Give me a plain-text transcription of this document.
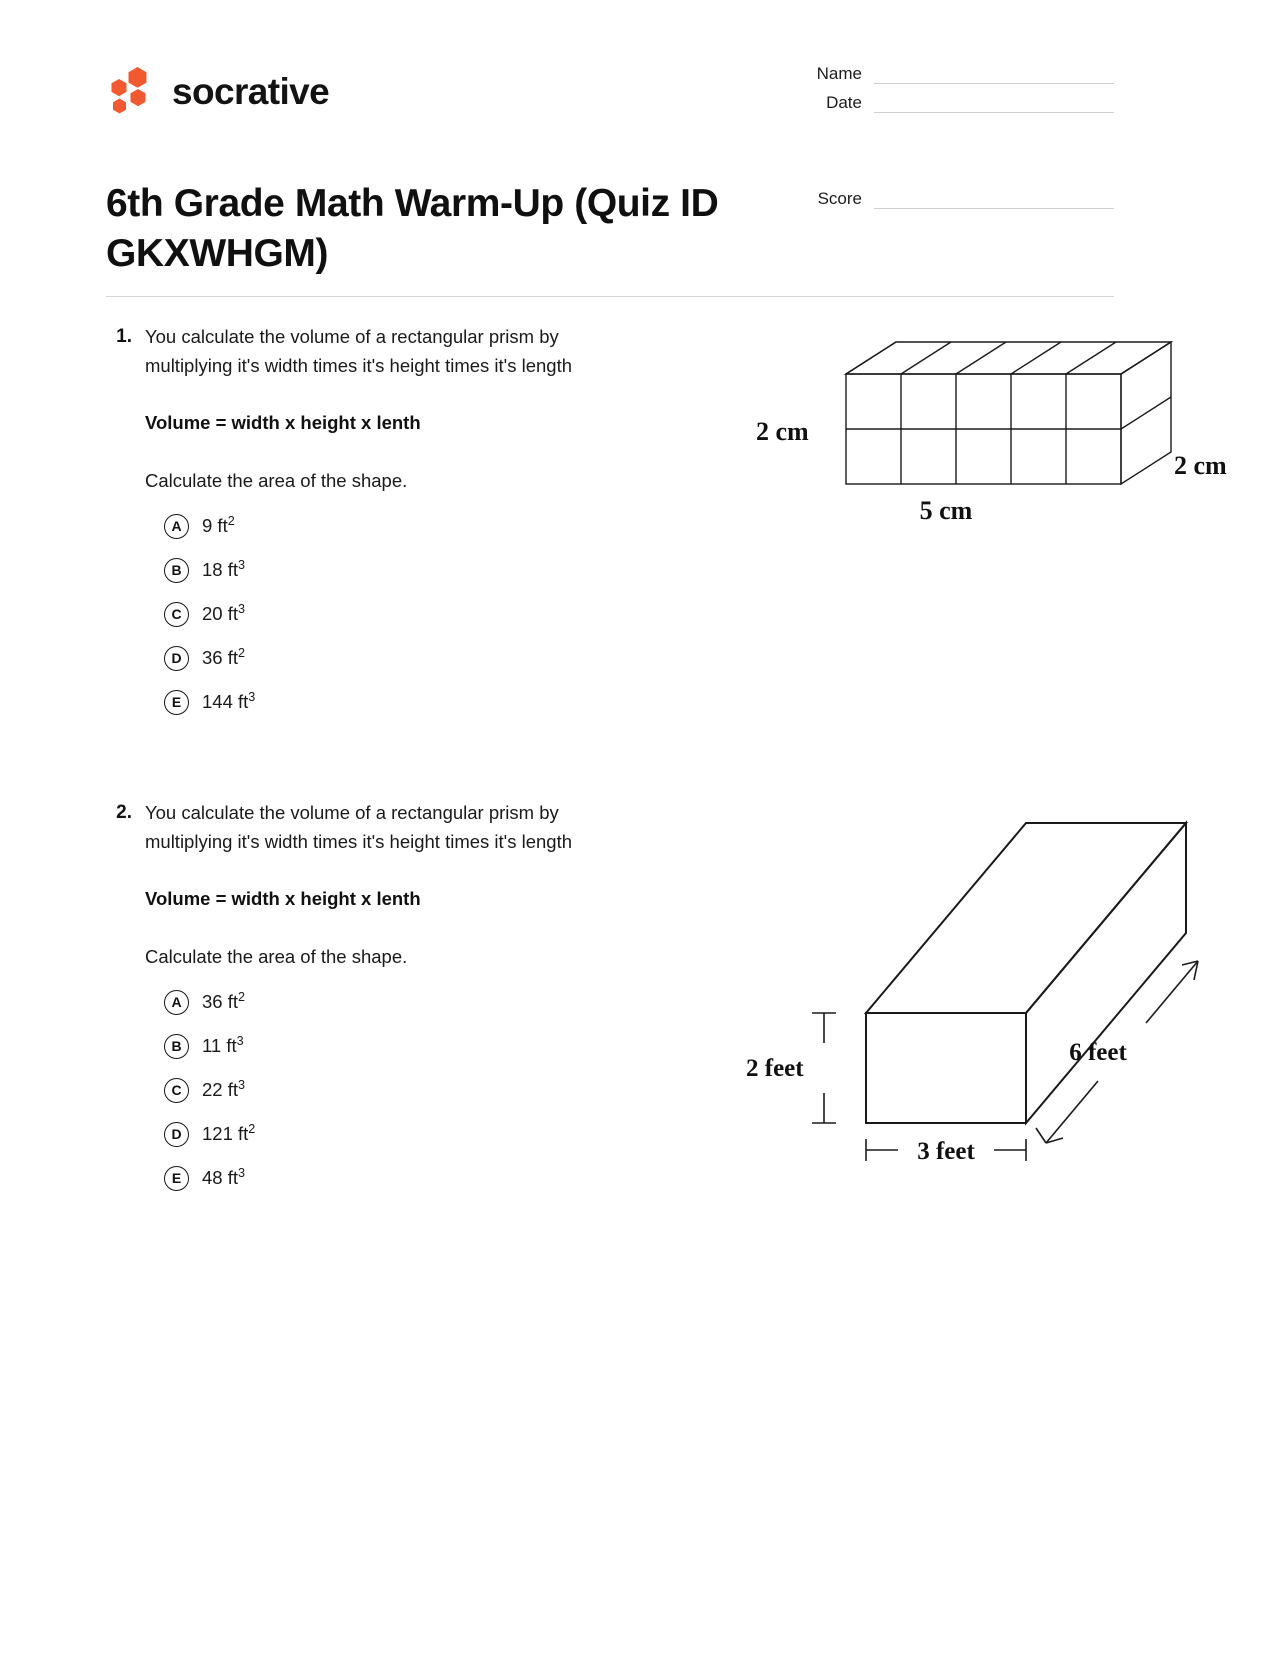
socrative	Name
Date
Score
6th Grade Math Warm-Up (Quiz ID GKXWHGM)
1. You calculate the volume of a rectangular prism by multiplying it's width times it's height times it's length
Volume = width x height x lenth
Calculate the area of the shape.
A	9 $ft^2$
B	18 $ft^3$
C	20 $ft^3$
D	36 $ft^2$
E	144 $ft^3$
2 cm
5 cm
2 cm
2. You calculate the volume of a rectangular prism by multiplying it's width times it's height times it's length
Volume = width x height x lenth
Calculate the area of the shape.
A	36 $ft^2$
B	11 $ft^3$
C	22 $ft^3$
D	121 $ft^2$
E	48 $ft^3$
2 feet
3 feet
6 feet
